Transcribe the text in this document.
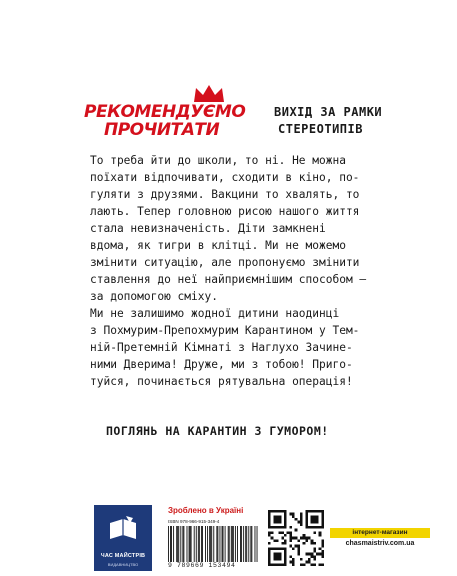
РЕКОМЕНДУЄМО
ПРОЧИТАТИ
ВИХІД ЗА РАМКИ
СТЕРЕОТИПІВ
То треба йти до школи, то ні. Не можна
поїхати відпочивати, сходити в кіно, по-
гуляти з друзями. Вакцини то хвалять, то
лають. Тепер головною рисою нашого життя
стала невизначеність. Діти замкнені
вдома, як тигри в клітці. Ми не можемо
змінити ситуацію, але пропонуємо змінити
ставлення до неї найприємнішим способом –
за допомогою сміху.
Ми не залишимо жодної дитини наодинці
з Похмурим-Препохмурим Карантином у Тем-
ній-Претемній Кімнаті з Наглухо Зачине-
ними Дверима! Друже, ми з тобою! Приго-
туйся, починається рятувальна операція!
ПОГЛЯНЬ НА КАРАНТИН З ГУМОРОМ!
ЧАС МАЙСТРІВ
ВИДАВНИЦТВО
Зроблено в Україні
ISBN 978-966-915-349-4
9 789669 153494
інтернет-магазин
chasmaistriv.com.ua
